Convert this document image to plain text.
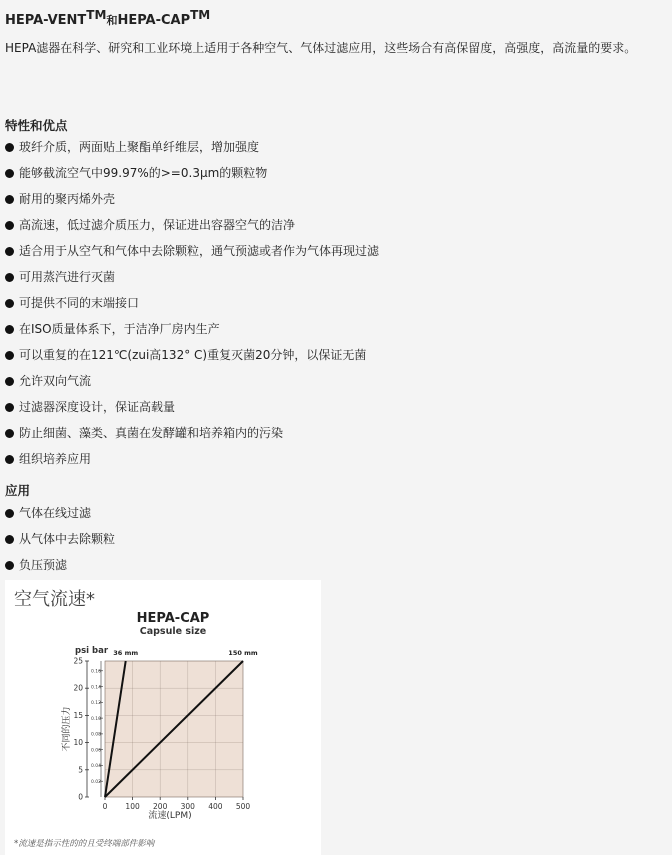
HEPA-VENT™和HEPA-CAP™
HEPA滤器在科学、研究和工业环境上适用于各种空气、气体过滤应用，这些场合有高保留度，高强度，高流量的要求。
特性和优点
玻纤介质，两面贴上聚酯单纤维层，增加强度
能够截流空气中99.97%的>=0.3μm的颗粒物
耐用的聚丙烯外壳
高流速，低过滤介质压力，保证进出容器空气的洁净
适合用于从空气和气体中去除颗粒，通气预滤或者作为气体再现过滤
可用蒸汽进行灭菌
可提供不同的末端接口
在ISO质量体系下，于洁净厂房内生产
可以重复的在121℃(zui高132° C)重复灭菌20分钟，以保证无菌
允许双向气流
过滤器深度设计，保证高载量
防止细菌、藻类、真菌在发酵罐和培养箱内的污染
组织培养应用
应用
气体在线过滤
从气体中去除颗粒
负压预滤
空气流速*
HEPA-CAP
Capsule size
psi bar
0 100 200 300 400 500
0
5
10
15
20
25
0.16
0.14
0.12
0.10
0.08
0.06
0.04
0.02
36 mm	150 mm
流速(LPM)
不同的压力
*流速是指示性的的且受终端部件影响
